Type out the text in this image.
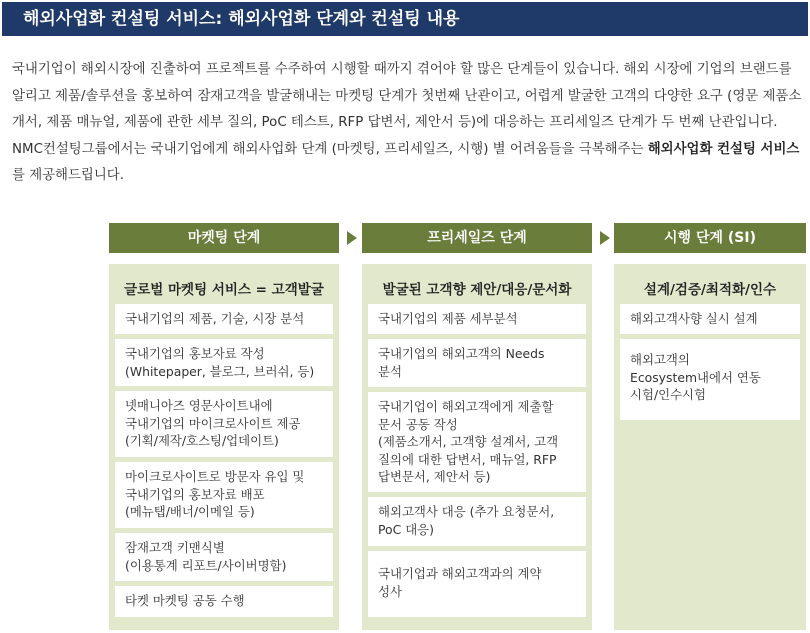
해외사업화 컨설팅 서비스: 해외사업화 단계와 컨설팅 내용
국내기업이 해외시장에 진출하여 프로젝트를 수주하여 시행할 때까지 겪어야 할 많은 단계들이 있습니다. 해외 시장에 기업의 브랜드를 알리고 제품/솔루션을 홍보하여 잠재고객을 발굴해내는 마켓팅 단계가 첫번째 난관이고, 어렵게 발굴한 고객의 다양한 요구 (영문 제품소개서, 제품 매뉴얼, 제품에 관한 세부 질의, PoC 테스트, RFP 답변서, 제안서 등)에 대응하는 프리세일즈 단계가 두 번째 난관입니다. NMC컨설팅그룹에서는 국내기업에게 해외사업화 단계 (마켓팅, 프리세일즈, 시행) 별 어려움들을 극복해주는 해외사업화 컨설팅 서비스를 제공해드립니다.
마켓팅 단계	프리세일즈 단계	시행 단계 (SI)
글로벌 마켓팅 서비스 = 고객발굴
국내기업의 제품, 기술, 시장 분석
국내기업의 홍보자료 작성
(Whitepaper, 블로그, 브러쉬, 등)
넷매니아즈 영문사이트내에
국내기업의 마이크로사이트 제공
(기획/제작/호스팅/업데이트)
마이크로사이트로 방문자 유입 및
국내기업의 홍보자료 배포
(메뉴탭/배너/이메일 등)
잠재고객 키맨식별
(이용통계 리포트/사이버명함)
타켓 마켓팅 공동 수행
발굴된 고객향 제안/대응/문서화
국내기업의 제품 세부분석
국내기업의 해외고객의 Needs
분석
국내기업이 해외고객에게 제출할
문서 공동 작성
(제품소개서, 고객향 설계서, 고객
질의에 대한 답변서, 매뉴얼, RFP
답변문서, 제안서 등)
해외고객사 대응 (추가 요청문서,
PoC 대응)
국내기업과 해외고객과의 계약
성사
설계/검증/최적화/인수
해외고객사향 실시 설계
해외고객의
Ecosystem내에서 연동
시험/인수시험
